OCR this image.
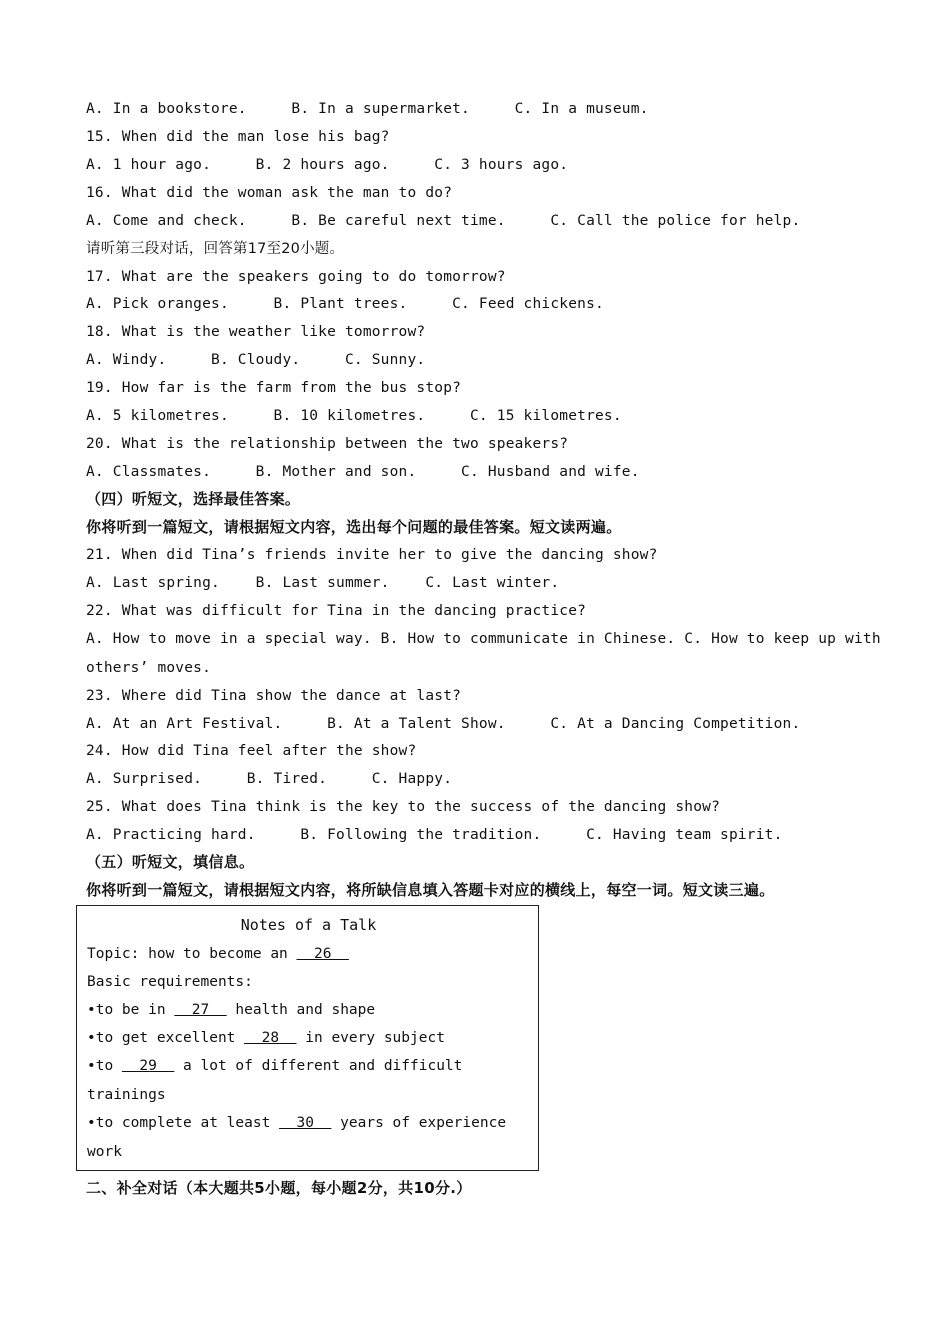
A. In a bookstore.     B. In a supermarket.     C. In a museum.
15. When did the man lose his bag?
A. 1 hour ago.     B. 2 hours ago.     C. 3 hours ago.
16. What did the woman ask the man to do?
A. Come and check.     B. Be careful next time.     C. Call the police for help.
请听第三段对话，回答第17至20小题。
17. What are the speakers going to do tomorrow?
A. Pick oranges.     B. Plant trees.     C. Feed chickens.
18. What is the weather like tomorrow?
A. Windy.     B. Cloudy.     C. Sunny.
19. How far is the farm from the bus stop?
A. 5 kilometres.     B. 10 kilometres.     C. 15 kilometres.
20. What is the relationship between the two speakers?
A. Classmates.     B. Mother and son.     C. Husband and wife.
（四）听短文，选择最佳答案。
你将听到一篇短文，请根据短文内容，选出每个问题的最佳答案。短文读两遍。
21. When did Tina’s friends invite her to give the dancing show?
A. Last spring.    B. Last summer.    C. Last winter.
22. What was difficult for Tina in the dancing practice?
A. How to move in a special way. B. How to communicate in Chinese. C. How to keep up with
others’ moves.
23. Where did Tina show the dance at last?
A. At an Art Festival.     B. At a Talent Show.     C. At a Dancing Competition.
24. How did Tina feel after the show?
A. Surprised.     B. Tired.     C. Happy.
25. What does Tina think is the key to the success of the dancing show?
A. Practicing hard.     B. Following the tradition.     C. Having team spirit.
（五）听短文，填信息。
你将听到一篇短文，请根据短文内容，将所缺信息填入答题卡对应的横线上，每空一词。短文读三遍。
Notes of a Talk
Topic: how to become an   26
Basic requirements:
•to be in   27   health and shape
•to get excellent   28   in every subject
•to   29   a lot of different and difficult
trainings
•to complete at least   30   years of experience
work
二、补全对话（本大题共5小题，每小题2分，共10分.）
